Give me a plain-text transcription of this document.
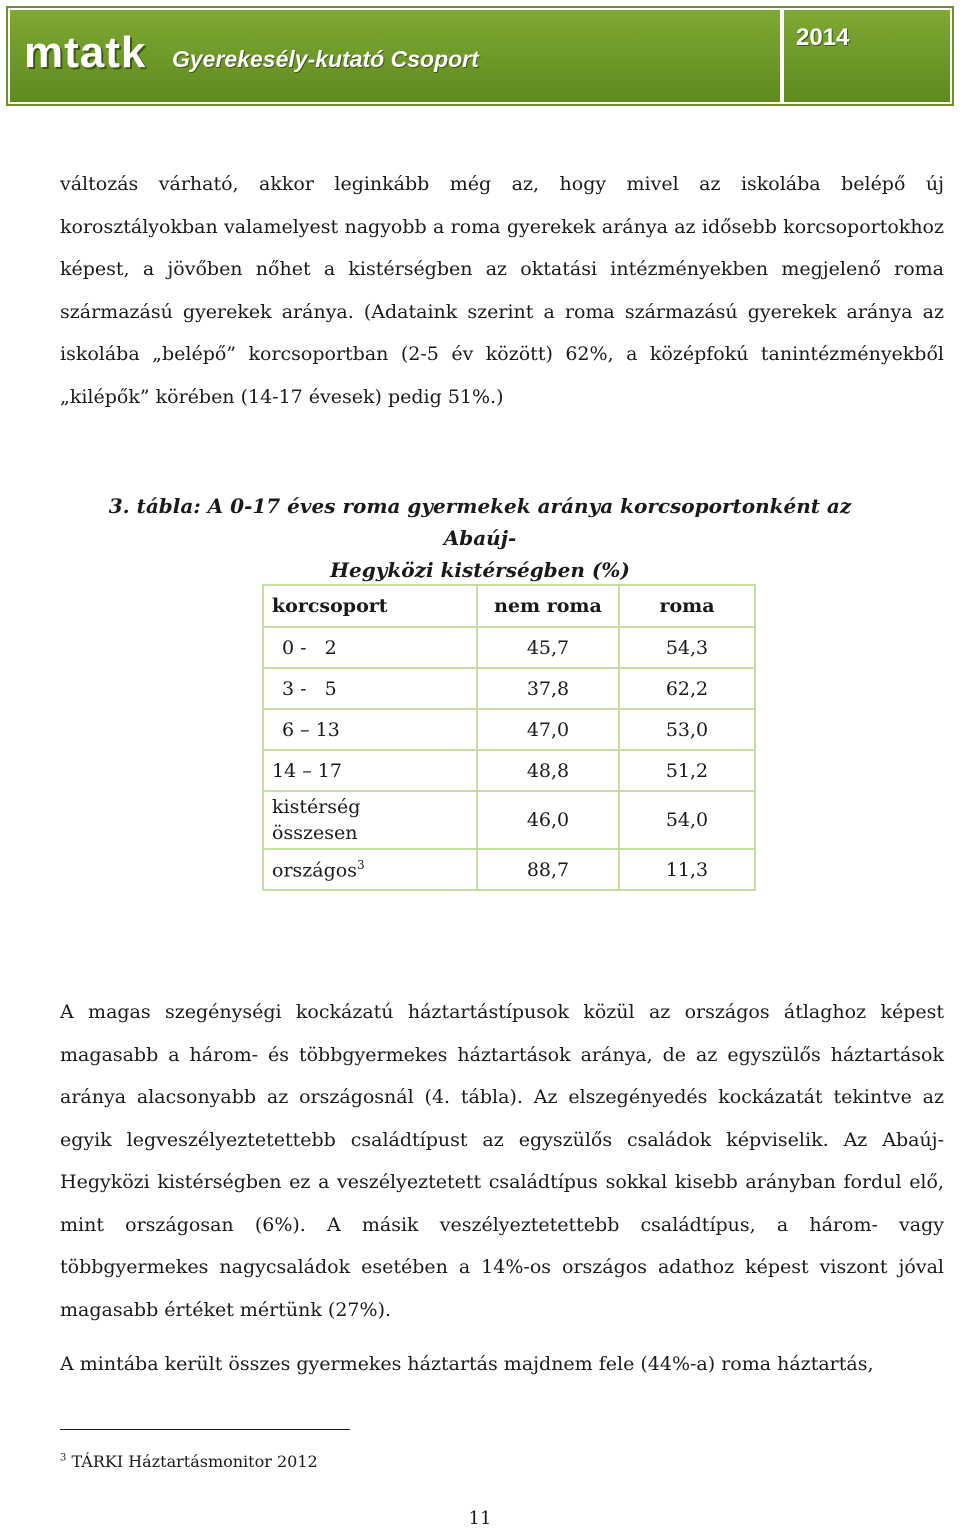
mtatk Gyerekesély-kutató Csoport
2014

változás várható, akkor leginkább még az, hogy mivel az iskolába belépő új korosztályokban valamelyest nagyobb a roma gyerekek aránya az idősebb korcsoportokhoz képest, a jövőben nőhet a kistérségben az oktatási intézményekben megjelenő roma származású gyerekek aránya. (Adataink szerint a roma származású gyerekek aránya az iskolába „belépő” korcsoportban (2-5 év között) 62%, a középfokú tanintézményekből „kilépők” körében (14-17 évesek) pedig 51%.)

3. tábla: A 0-17 éves roma gyermekek aránya korcsoportonként az Abaúj-
Hegyközi kistérségben (%)

korcsoport	nem roma	roma
0 -   2	45,7	54,3
3 -   5	37,8	62,2
6 – 13	47,0	53,0
14 – 17	48,8	51,2
kistérség összesen	46,0	54,0
országos$^3$	88,7	11,3

A magas szegénységi kockázatú háztartástípusok közül az országos átlaghoz képest magasabb a három- és többgyermekes háztartások aránya, de az egyszülős háztartások aránya alacsonyabb az országosnál (4. tábla). Az elszegényedés kockázatát tekintve az egyik legveszélyeztetettebb családtípust az egyszülős családok képviselik. Az Abaúj-Hegyközi kistérségben ez a veszélyeztetett családtípus sokkal kisebb arányban fordul elő, mint országosan (6%). A másik veszélyeztetettebb családtípus, a három- vagy többgyermekes nagycsaládok esetében a 14%-os országos adathoz képest viszont jóval magasabb értéket mértünk (27%).

A mintába került összes gyermekes háztartás majdnem fele (44%-a) roma háztartás,

$^3$ TÁRKI Háztartásmonitor 2012
11
